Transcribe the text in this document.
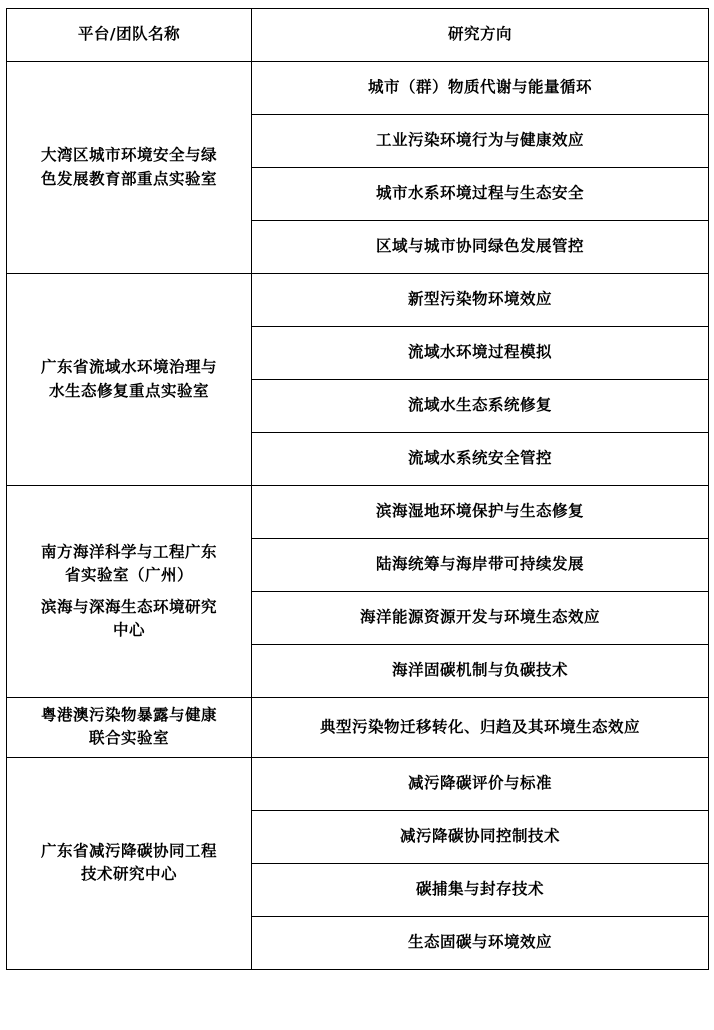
平台/团队名称	研究方向

大湾区城市环境安全与绿
色发展教育部重点实验室	城市（群）物质代谢与能量循环
	工业污染环境行为与健康效应
	城市水系环境过程与生态安全
	区域与城市协同绿色发展管控

广东省流域水环境治理与
水生态修复重点实验室	新型污染物环境效应
	流域水环境过程模拟
	流域水生态系统修复
	流域水系统安全管控

南方海洋科学与工程广东
省实验室（广州）
滨海与深海生态环境研究
中心	滨海湿地环境保护与生态修复
	陆海统筹与海岸带可持续发展
	海洋能源资源开发与环境生态效应
	海洋固碳机制与负碳技术

粤港澳污染物暴露与健康
联合实验室	典型污染物迁移转化、归趋及其环境生态效应

广东省减污降碳协同工程
技术研究中心	减污降碳评价与标准
	减污降碳协同控制技术
	碳捕集与封存技术
	生态固碳与环境效应
